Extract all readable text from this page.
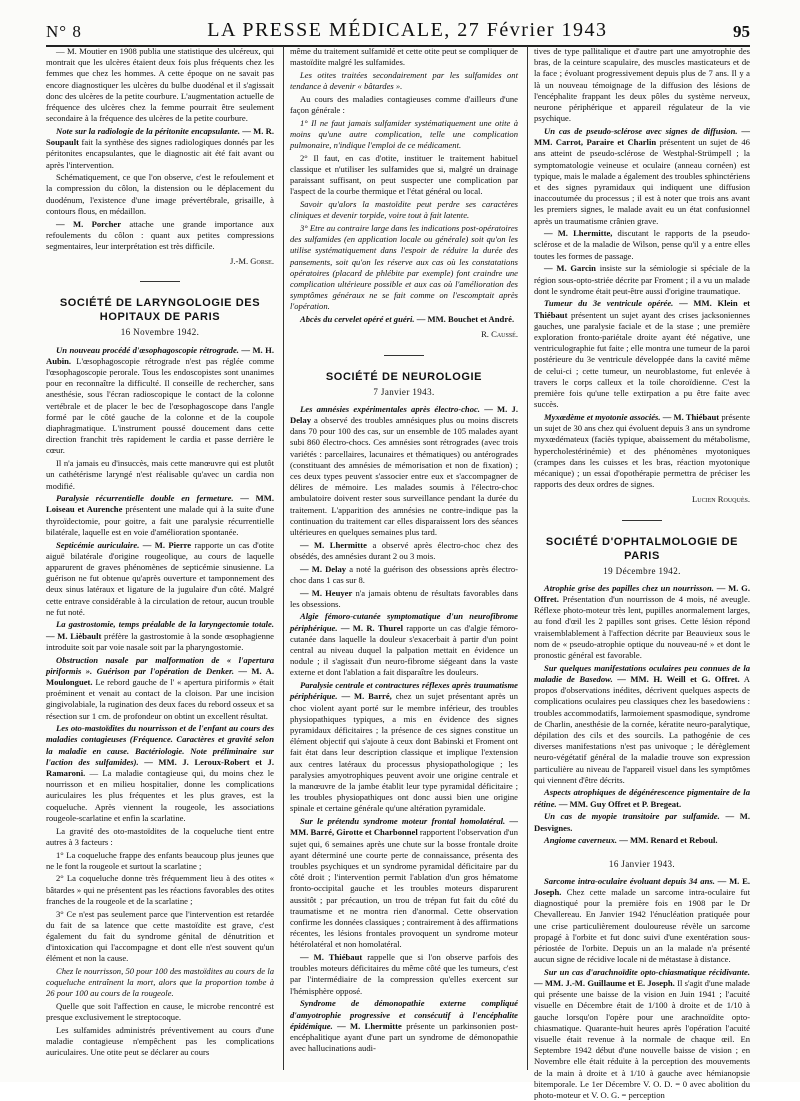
N° 8	LA PRESSE MÉDICALE, 27 Février 1943	95

— M. Moutier en 1908 publia une statistique des ulcéreux, qui montrait que les ulcères étaient deux fois plus fréquents chez les femmes que chez les hommes. A cette époque on ne savait pas encore diagnostiquer les ulcères du bulbe duodénal et il s'agissait donc des ulcères de la petite courbure. L'augmentation actuelle de fréquence des ulcères chez la femme pourrait être seulement secondaire à la fréquence des ulcères de la petite courbure.

Note sur la radiologie de la péritonite encapsulante. — M. R. Soupault fait la synthèse des signes radiologiques donnés par les péritonites encapsulantes, que le diagnostic ait été fait avant ou après l'intervention.

Schématiquement, ce que l'on observe, c'est le refoulement et la compression du côlon, la distension ou le déplacement du duodénum, l'existence d'une image prévertébrale, grisaille, à contours flous, en médaillon.

— M. Porcher attache une grande importance aux refoulements du côlon : quant aux petites compressions segmentaires, leur interprétation est très difficile.

J.-M. Gorse.
SOCIÉTÉ DE LARYNGOLOGIE DES HOPITAUX DE PARIS
16 Novembre 1942.

Un nouveau procédé d'œsophagoscopie rétrograde. — M. H. Aubin. L'œsophagoscopie rétrograde n'est pas réglée comme l'œsophagoscopie perorale. Tous les endoscopistes sont unanimes pour en reconnaître la difficulté. Il conseille de rechercher, sans anesthésie, sous l'écran radioscopique le contact de la colonne vertébrale et de placer le bec de l'œsophagoscope dans l'angle formé par le côté gauche de la colonne et de la coupole diaphragmatique. L'instrument poussé doucement dans cette direction franchit très rapidement le cardia et passe derrière le cœur.

Il n'a jamais eu d'insuccès, mais cette manœuvre qui est plutôt un cathétérisme laryngé n'est réalisable qu'avec un cardia non modifié.

Paralysie récurrentielle double en fermeture. — MM. Loiseau et Aurenche présentent une malade qui à la suite d'une thyroïdectomie, pour goitre, a fait une paralysie récurrentielle bilatérale, laquelle est en voie d'amélioration spontanée.

Septicémie auriculaire. — M. Pierre rapporte un cas d'otite aiguë bilatérale d'origine rougeolique, au cours de laquelle apparurent de graves phénomènes de septicémie sinusienne. La guérison ne fut obtenue qu'après ouverture et tamponnement des deux sinus latéraux et ligature de la jugulaire d'un côté. Malgré cette entrave considérable à la circulation de retour, aucun trouble ne fut noté.

La gastrostomie, temps préalable de la laryngectomie totale. — M. Lièbault préfère la gastrostomie à la sonde œsophagienne introduite soit par voie nasale soit par la pharyngostomie.

Obstruction nasale par malformation de « l'apertura piriformis ». Guérison par l'opération de Denker. — M. A. Moulonguet. Le rebord gauche de l' « apertura piriformis » était proéminent et venait au contact de la cloison. Par une incision gingivolabiale, la rugination des deux faces du rebord osseux et sa résection sur 1 cm. de profondeur on obtint un excellent résultat.

Les oto-mastoïdites du nourrisson et de l'enfant au cours des maladies contagieuses (Fréquence. Caractères et gravité selon la maladie en cause. Bactériologie. Note préliminaire sur l'action des sulfamides). — MM. J. Leroux-Robert et J. Ramaroni. — La maladie contagieuse qui, du moins chez le nourrisson et en milieu hospitalier, donne les complications auriculaires les plus fréquentes et les plus graves, est la coqueluche. Après viennent la rougeole, les associations rougeole-scarlatine et enfin la scarlatine.

La gravité des oto-mastoïdites de la coqueluche tient entre autres à 3 facteurs :

1° La coqueluche frappe des enfants beaucoup plus jeunes que ne le font la rougeole et surtout la scarlatine ;

2° La coqueluche donne très fréquemment lieu à des otites « bâtardes » qui ne présentent pas les réactions favorables des otites franches de la rougeole et de la scarlatine ;

3° Ce n'est pas seulement parce que l'intervention est retardée du fait de sa latence que cette mastoïdite est grave, c'est également du fait du syndrome génital de dénutrition et d'intoxication qui l'accompagne et dont elle n'est souvent qu'un élément et non la cause.

Chez le nourrisson, 50 pour 100 des mastoïdites au cours de la coqueluche entraînent la mort, alors que la proportion tombe à 26 pour 100 au cours de la rougeole.

Quelle que soit l'affection en cause, le microbe rencontré est presque exclusivement le streptocoque.

Les sulfamides administrés préventivement au cours d'une maladie contagieuse n'empêchent pas les complications auriculaires. Une otite peut se déclarer au cours

même du traitement sulfamidé et cette otite peut se compliquer de mastoïdite malgré les sulfamides.

Les otites traitées secondairement par les sulfamides ont tendance à devenir « bâtardes ».

Au cours des maladies contagieuses comme d'ailleurs d'une façon générale :

1° Il ne faut jamais sulfamider systématiquement une otite à moins qu'une autre complication, telle une complication pulmonaire, n'indique l'emploi de ce médicament.

2° Il faut, en cas d'otite, instituer le traitement habituel classique et n'utiliser les sulfamides que si, malgré un drainage paraissant suffisant, on peut suspecter une complication par l'aspect de la courbe thermique et l'état général ou local.

Savoir qu'alors la mastoïdite peut perdre ses caractères cliniques et devenir torpide, voire tout à fait latente.

3° Etre au contraire large dans les indications post-opératoires des sulfamides (en application locale ou générale) soit qu'on les utilise systématiquement dans l'espoir de réduire la durée des pansements, soit qu'on les réserve aux cas où les constatations opératoires (placard de phlébite par exemple) font craindre une complication ultérieure possible et aux cas où l'amélioration des symptômes généraux ne se fait comme on l'escomptait après l'opération.

Abcès du cervelet opéré et guéri. — MM. Bouchet et André.

R. Caussé.
SOCIÉTÉ DE NEUROLOGIE
7 Janvier 1943.

Les amnésies expérimentales après électro-choc. — M. J. Delay a observé des troubles amnésiques plus ou moins discrets dans 70 pour 100 des cas, sur un ensemble de 105 malades ayant subi 860 électro-chocs. Ces amnésies sont rétrogrades (avec trois variétés : parcellaires, lacunaires et thématiques) ou antérogrades (constituant des amnésies de mémorisation et non de fixation) ; ces deux types peuvent s'associer entre eux et s'accompagner de délires de mémoire. Les malades soumis à l'électro-choc ambulatoire doivent rester sous surveillance pendant la durée du traitement. L'apparition des amnésies ne contre-indique pas la continuation du traitement car elles disparaissent lors des séances ultérieures en quelques semaines plus tard.

— M. Lhermitte a observé après électro-choc chez des obsédés, des amnésies durant 2 ou 3 mois.

— M. Delay a noté la guérison des obsessions après électro-choc dans 1 cas sur 8.

— M. Heuyer n'a jamais obtenu de résultats favorables dans les obsessions.

Algie fémoro-cutanée symptomatique d'un neurofibrome périphérique. — M. R. Thurel rapporte un cas d'algie fémoro-cutanée dans laquelle la douleur s'exacerbait à partir d'un point central au niveau duquel la palpation mettait en évidence un nodule ; il s'agissait d'un neuro-fibrome siégeant dans la vaste externe et dont l'ablation a fait disparaître les douleurs.

Paralysie centrale et contractures réflexes après traumatisme périphérique. — M. Barré, chez un sujet présentant après un choc violent ayant porté sur le membre inférieur, des troubles physiopathiques typiques, a mis en évidence des signes pyramidaux déficitaires ; la présence de ces signes constitue un élément objectif qui s'ajoute à ceux dont Babinski et Froment ont fait état dans leur description classique et implique l'extension aux centres latéraux du processus physiopathologique ; les paralysies amyotrophiques peuvent avoir une origine centrale et la manœuvre de la jambe établit leur type pyramidal déficitaire ; les troubles physiopathiques ont donc aussi bien une origine spinale et certaine générale qu'une altération pyramidale.

Sur le prétendu syndrome moteur frontal homolatéral. — MM. Barré, Girotte et Charbonnel rapportent l'observation d'un sujet qui, 6 semaines après une chute sur la bosse frontale droite ayant déterminé une courte perte de connaissance, présenta des troubles psychiques et un syndrome pyramidal déficitaire par du côté droit ; l'intervention permit l'ablation d'un gros hématome fronto-occipital gauche et les troubles moteurs disparurent aussitôt ; par précaution, un trou de trépan fut fait du côté du traumatisme et ne montra rien d'anormal. Cette observation confirme les données classiques ; contrairement à des affirmations récentes, les lésions frontales provoquent un syndrome moteur hétérolatéral et non homolatéral.

— M. Thiébaut rappelle que si l'on observe parfois des troubles moteurs déficitaires du même côté que les tumeurs, c'est par l'intermédiaire de la compression qu'elles exercent sur l'hémisphère opposé.

Syndrome de démonopathie externe compliqué d'amyotrophie progressive et consécutif à l'encéphalite épidémique. — M. Lhermitte présente un parkinsonien post-encéphalitique ayant d'une part un syndrome de démonopathie avec hallucinations audi-

tives de type pallitalique et d'autre part une amyotrophie des bras, de la ceinture scapulaire, des muscles masticateurs et de la face ; évoluant progressivement depuis plus de 7 ans. Il y a là un nouveau témoignage de la diffusion des lésions de l'encéphalite frappant les deux pôles du système nerveux, neurone périphérique et appareil régulateur de la vie psychique.

Un cas de pseudo-sclérose avec signes de diffusion. — MM. Carrot, Paraire et Charlin présentent un sujet de 46 ans atteint de pseudo-sclérose de Westphal-Strümpell ; la symptomatologie veineuse et oculaire (anneau cornéen) est typique, mais le malade a également des troubles sphinctériens et des signes pyramidaux qui indiquent une diffusion inaccoutumée du processus ; il est à noter que trois ans avant les premiers signes, le malade avait eu un état confusionnel après un traumatisme crânien grave.

— M. Lhermitte, discutant le rapports de la pseudo-sclérose et de la maladie de Wilson, pense qu'il y a entre elles toutes les formes de passage.

— M. Garcin insiste sur la sémiologie si spéciale de la région sous-opto-striée décrite par Froment ; il a vu un malade dont le syndrome était peut-être aussi d'origine traumatique.

Tumeur du 3e ventricule opérée. — MM. Klein et Thiébaut présentent un sujet ayant des crises jacksoniennes gauches, une paralysie faciale et de la stase ; une première exploration fronto-pariétale droite ayant été négative, une ventriculographie fut faite ; elle montra une tumeur de la paroi postérieure du 3e ventricule développée dans la cavité même de celui-ci ; cette tumeur, un neuroblastome, fut enlevée à travers le corps calleux et la toile choroïdienne. C'est la première fois qu'une telle extirpation a pu être faite avec succès.

Myxœdème et myotonie associés. — M. Thiébaut présente un sujet de 30 ans chez qui évoluent depuis 3 ans un syndrome myxœdémateux (faciès typique, abaissement du métabolisme, hypercholestérinémie) et des phénomènes myotoniques (crampes dans les cuisses et les bras, réaction myotonique mécanique) ; un essai d'opothérapie permettra de préciser les rapports des deux ordres de signes.

Lucien Rouquès.
SOCIÉTÉ D'OPHTALMOLOGIE DE PARIS
19 Décembre 1942.

Atrophie grise des papilles chez un nourrisson. — M. G. Offret. Présentation d'un nourrisson de 4 mois, né aveugle. Réflexe photo-moteur très lent, pupilles anormalement larges, au fond d'œil les 2 papilles sont grises. Cette lésion répond vraisemblablement à l'affection décrite par Beauvieux sous le nom de « pseudo-atrophie optique du nouveau-né » et dont le pronostic général est favorable.

Sur quelques manifestations oculaires peu connues de la maladie de Basedow. — MM. H. Weill et G. Offret. A propos d'observations inédites, décrivent quelques aspects de complications oculaires peu classiques chez les basedowiens : troubles accommodatifs, larmoiement spasmodique, syndrome de Charlin, anesthésie de la cornée, kératite neuro-paralytique, dépilation des cils et des sourcils. La pathogénie de ces diverses manifestations n'est pas univoque ; le dérèglement neuro-végétatif général de la maladie trouve son expression particulière au niveau de l'appareil visuel dans les symptômes qui viennent d'être décrits.

Aspects atrophiques de dégénérescence pigmentaire de la rétine. — MM. Guy Offret et P. Bregeat.

Un cas de myopie transitoire par sulfamide. — M. Desvignes.

Angiome caverneux. — MM. Renard et Reboul.

16 Janvier 1943.

Sarcome intra-oculaire évoluant depuis 34 ans. — M. E. Joseph. Chez cette malade un sarcome intra-oculaire fut diagnostiqué pour la première fois en 1908 par le Dr Chevallereau. En Janvier 1942 l'énucléation pratiquée pour une crise particulièrement douloureuse révèle un sarcome propagé à l'orbite et fut donc suivi d'une exentération sous-périostée de l'orbite. Depuis un an la malade n'a présenté aucun signe de récidive locale ni de métastase à distance.

Sur un cas d'arachnoïdite opto-chiasmatique récidivante. — MM. J.-M. Guillaume et E. Joseph. Il s'agit d'une malade qui présente une baisse de la vision en Juin 1941 ; l'acuité visuelle en Décembre était de 1/100 à droite et de 1/10 à gauche lorsqu'on l'opère pour une arachnoïdite opto-chiasmatique. Quarante-huit heures après l'opération l'acuité visuelle était revenue à la normale de chaque œil. En Septembre 1942 début d'une nouvelle baisse de vision ; en Novembre elle était réduite à la perception des mouvements de la main à droite et à 1/10 à gauche avec hémianopsie bitemporale. Le 1er Décembre V. O. D. = 0 avec abolition du photo-moteur et V. O. G. = perception
